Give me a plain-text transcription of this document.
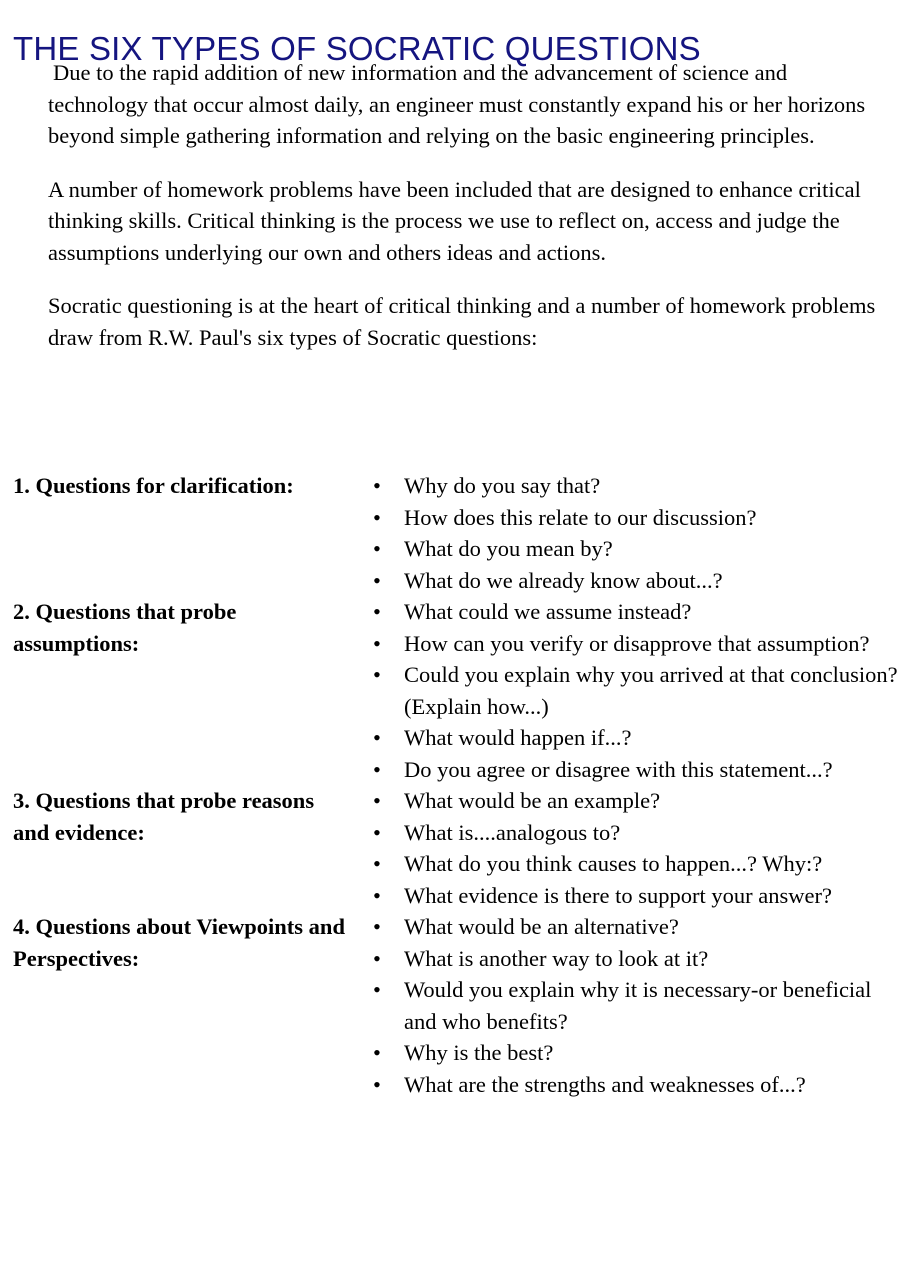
THE SIX TYPES OF SOCRATIC QUESTIONS

Due to the rapid addition of new information and the advancement of science and technology that occur almost daily, an engineer must constantly expand his or her horizons beyond simple gathering information and relying on the basic engineering principles.

A number of homework problems have been included that are designed to enhance critical thinking skills. Critical thinking is the process we use to reflect on, access and judge the assumptions underlying our own and others ideas and actions.

Socratic questioning is at the heart of critical thinking and a number of homework problems draw from R.W. Paul's six types of Socratic questions:

1. Questions for clarification:	• Why do you say that?
• How does this relate to our discussion?
• What do you mean by?
• What do we already know about...?
2. Questions that probe assumptions:
• What could we assume instead?
• How can you verify or disapprove that assumption?
• Could you explain why you arrived at that conclusion? (Explain how...)
• What would happen if...?
• Do you agree or disagree with this statement...?
3. Questions that probe reasons and evidence:
• What would be an example?
• What is....analogous to?
• What do you think causes to happen...? Why:?
• What evidence is there to support your answer?
4. Questions about Viewpoints and Perspectives:
• What would be an alternative?
• What is another way to look at it?
• Would you explain why it is necessary-or beneficial and who benefits?
• Why is the best?
• What are the strengths and weaknesses of...?
